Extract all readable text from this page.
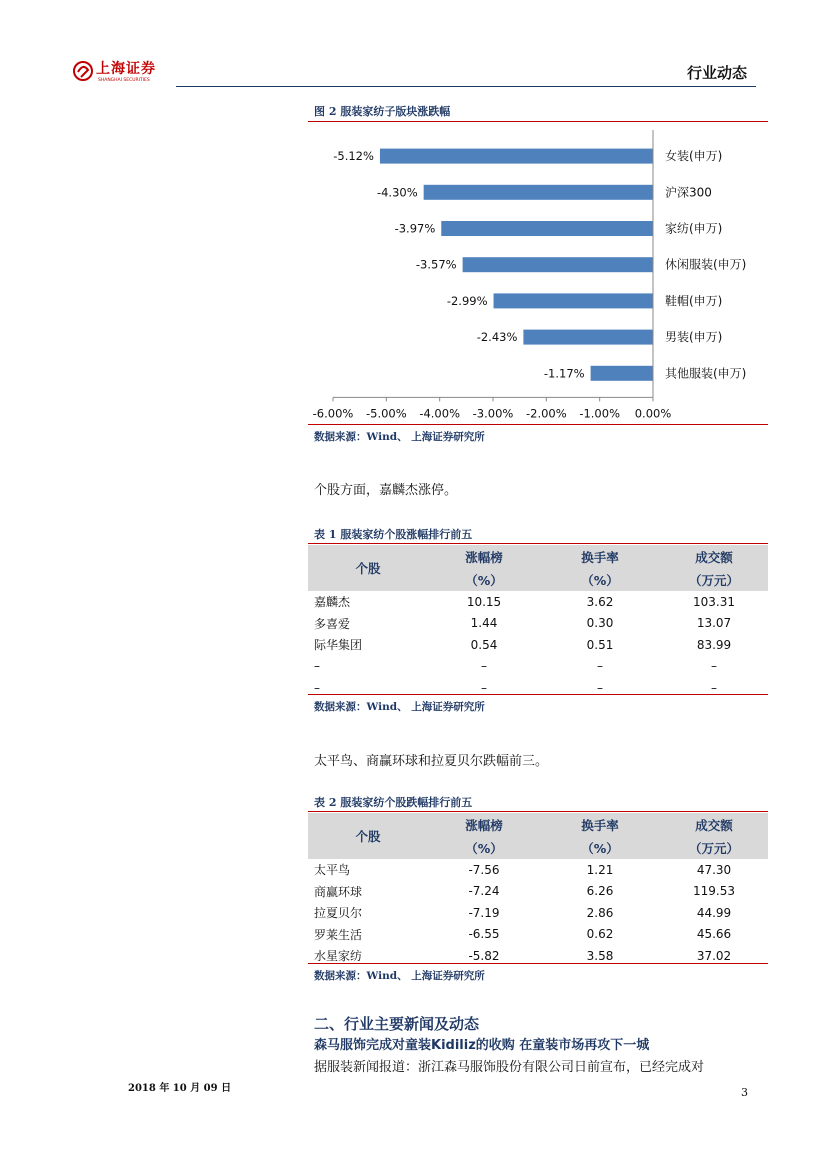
上海证券
SHANGHAI SECURITIES	行业动态
图 2 服装家纺子版块涨跌幅
-5.12%
-4.30%
-3.97%
-3.57%
-2.99%
-2.43%
-1.17%
女装(申万)
沪深300
家纺(申万)
休闲服装(申万)
鞋帽(申万)
男装(申万)
其他服装(申万)
-6.00% -5.00% -4.00% -3.00% -2.00% -1.00% 0.00%
数据来源：Wind、 上海证券研究所
个股方面，嘉麟杰涨停。
表 1 服装家纺个股涨幅排行前五
个股	涨幅榜	换手率	成交额
	（%）	（%）	（万元）
嘉麟杰	10.15	3.62	103.31
多喜爱	1.44	0.30	13.07
际华集团	0.54	0.51	83.99
–	–	–	–
–	–	–	–
数据来源：Wind、 上海证券研究所
太平鸟、商赢环球和拉夏贝尔跌幅前三。
表 2 服装家纺个股跌幅排行前五
个股	涨幅榜	换手率	成交额
	（%）	（%）	（万元）
太平鸟	-7.56	1.21	47.30
商赢环球	-7.24	6.26	119.53
拉夏贝尔	-7.19	2.86	44.99
罗莱生活	-6.55	0.62	45.66
水星家纺	-5.82	3.58	37.02
数据来源：Wind、 上海证券研究所
二、行业主要新闻及动态
森马服饰完成对童装Kidiliz的收购 在童装市场再攻下一城
据服装新闻报道：浙江森马服饰股份有限公司日前宣布，已经完成对
2018 年 10 月 09 日	3
